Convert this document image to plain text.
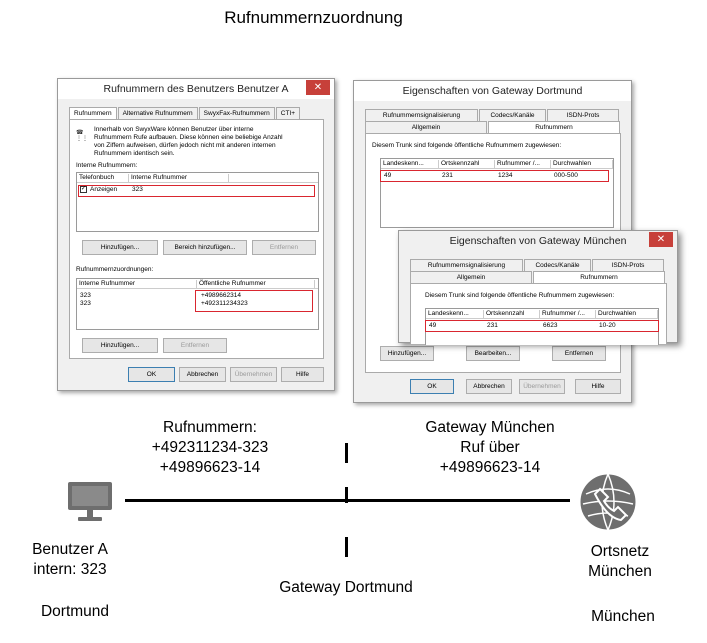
Rufnummernzuordnung
Rufnummern des Benutzers Benutzer A	✕
Rufnummern	Alternative Rufnummern	SwyxFax-Rufnummern	CTI+
☎
⋮⋮
Innerhalb von SwyxWare können Benutzer über interne
Rufnummern Rufe aufbauen. Diese können eine beliebige Anzahl
von Ziffern aufweisen, dürfen jedoch nicht mit anderen internen
Rufnummern identisch sein.
Interne Rufnummern:
Telefonbuch	Interne Rufnummer
✓ Anzeigen 323
Hinzufügen...	Bereich hinzufügen...	Entfernen
Rufnummernzuordnungen:
Interne Rufnummer	Öffentliche Rufnummer
323	+4989662314
323	+492311234323
Hinzufügen...	Entfernen
OK	Abbrechen	Übernehmen	Hilfe
Eigenschaften von Gateway Dortmund
Rufnummernsignalisierung	Codecs/Kanäle	ISDN-Prots
Allgemein	Rufnummern
Diesem Trunk sind folgende öffentliche Rufnummern zugewiesen:
Landeskenn...	Ortskennzahl	Rufnummer /...	Durchwahlen
49	231	1234	000-500
Hinzufügen...	Bearbeiten...	Entfernen
OK	Abbrechen	Übernehmen	Hilfe
Eigenschaften von Gateway München	✕
Rufnummernsignalisierung	Codecs/Kanäle	ISDN-Prots
Allgemein	Rufnummern
Diesem Trunk sind folgende öffentliche Rufnummern zugewiesen:
Landeskenn...	Ortskennzahl	Rufnummer /...	Durchwahlen
49	231	6623	10-20
Rufnummern:
+492311234-323
+49896623-14
Gateway München
Ruf über
+49896623-14
Benutzer A
intern: 323
Dortmund
Gateway Dortmund
Ortsnetz
München
München
